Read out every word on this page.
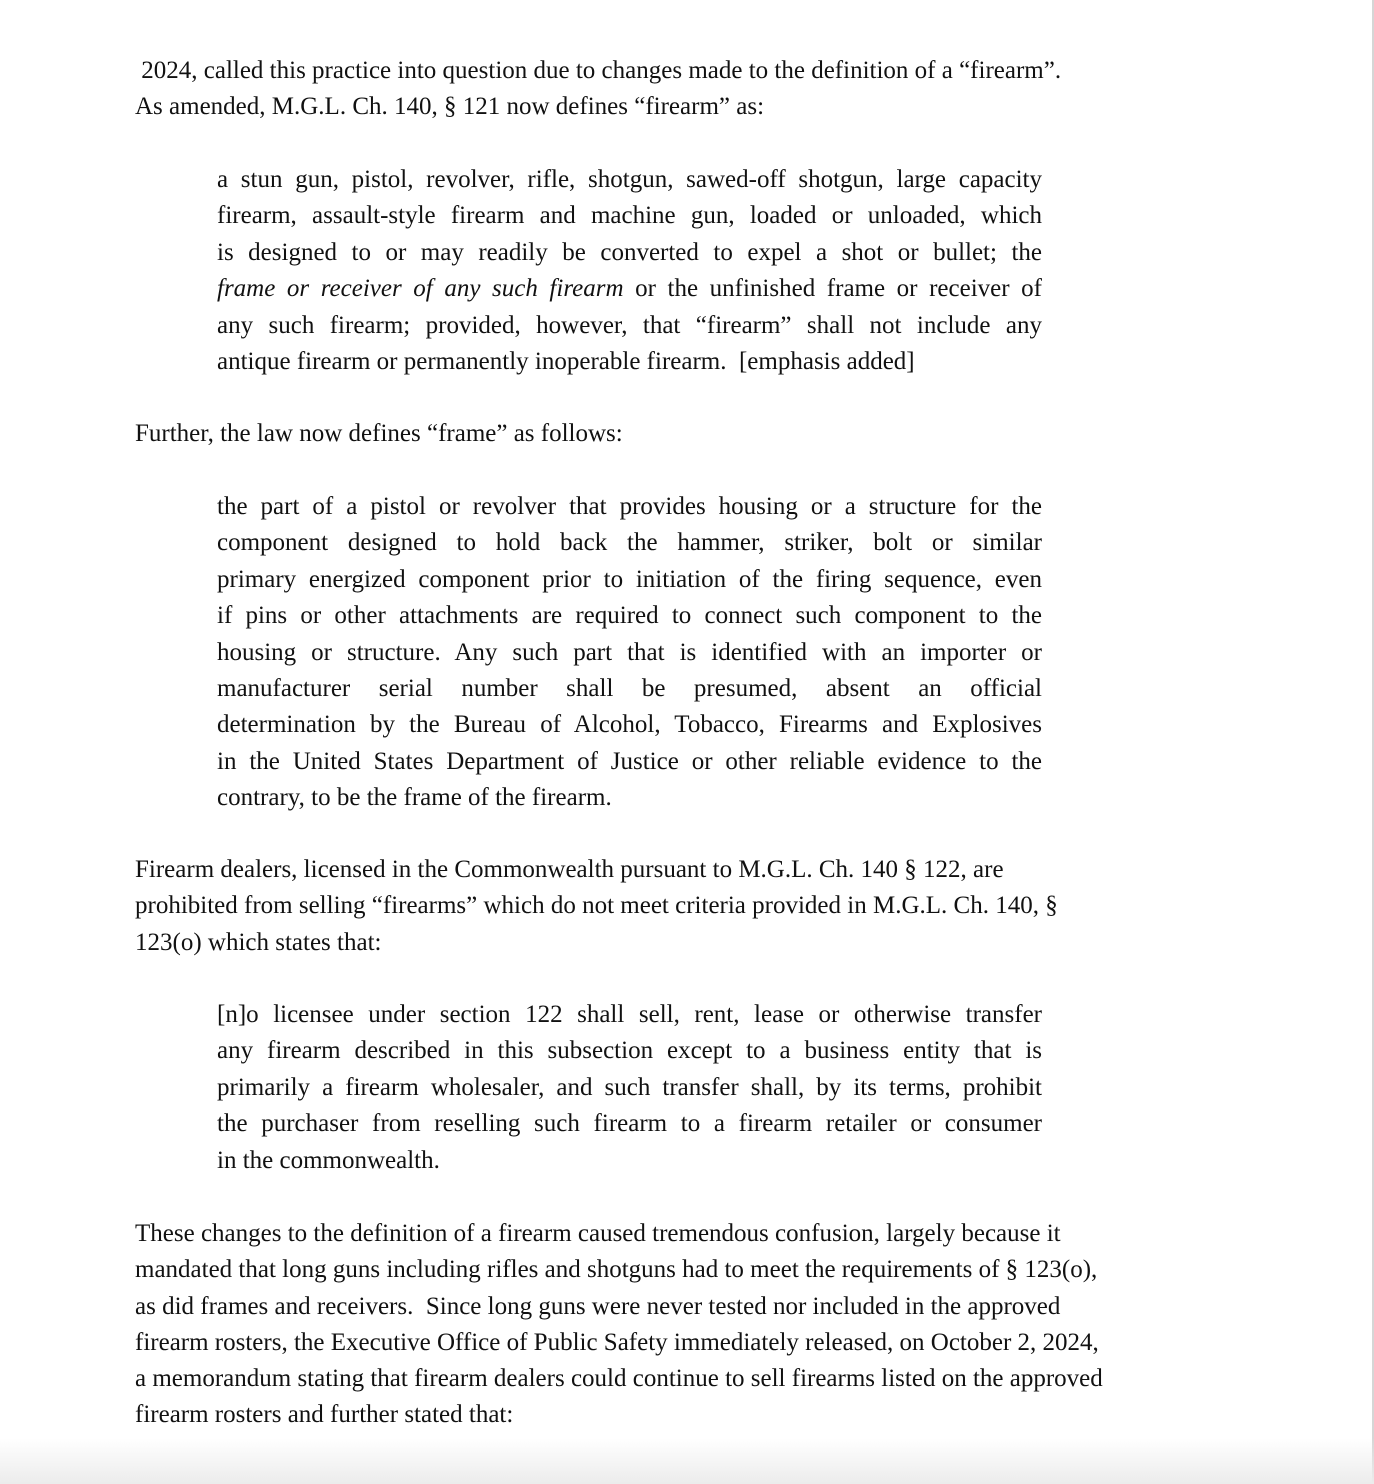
2024, called this practice into question due to changes made to the definition of a “firearm”.
As amended, M.G.L. Ch. 140, § 121 now defines “firearm” as:
a stun gun, pistol, revolver, rifle, shotgun, sawed-off shotgun, large capacity
firearm, assault-style firearm and machine gun, loaded or unloaded, which
is designed to or may readily be converted to expel a shot or bullet; the
frame or receiver of any such firearm or the unfinished frame or receiver of
any such firearm; provided, however, that “firearm” shall not include any
antique firearm or permanently inoperable firearm.  [emphasis added]
Further, the law now defines “frame” as follows:
the part of a pistol or revolver that provides housing or a structure for the
component designed to hold back the hammer, striker, bolt or similar
primary energized component prior to initiation of the firing sequence, even
if pins or other attachments are required to connect such component to the
housing or structure. Any such part that is identified with an importer or
manufacturer serial number shall be presumed, absent an official
determination by the Bureau of Alcohol, Tobacco, Firearms and Explosives
in the United States Department of Justice or other reliable evidence to the
contrary, to be the frame of the firearm.
Firearm dealers, licensed in the Commonwealth pursuant to M.G.L. Ch. 140 § 122, are
prohibited from selling “firearms” which do not meet criteria provided in M.G.L. Ch. 140, §
123(o) which states that:
[n]o licensee under section 122 shall sell, rent, lease or otherwise transfer
any firearm described in this subsection except to a business entity that is
primarily a firearm wholesaler, and such transfer shall, by its terms, prohibit
the purchaser from reselling such firearm to a firearm retailer or consumer
in the commonwealth.
These changes to the definition of a firearm caused tremendous confusion, largely because it
mandated that long guns including rifles and shotguns had to meet the requirements of § 123(o),
as did frames and receivers.  Since long guns were never tested nor included in the approved
firearm rosters, the Executive Office of Public Safety immediately released, on October 2, 2024,
a memorandum stating that firearm dealers could continue to sell firearms listed on the approved
firearm rosters and further stated that:
